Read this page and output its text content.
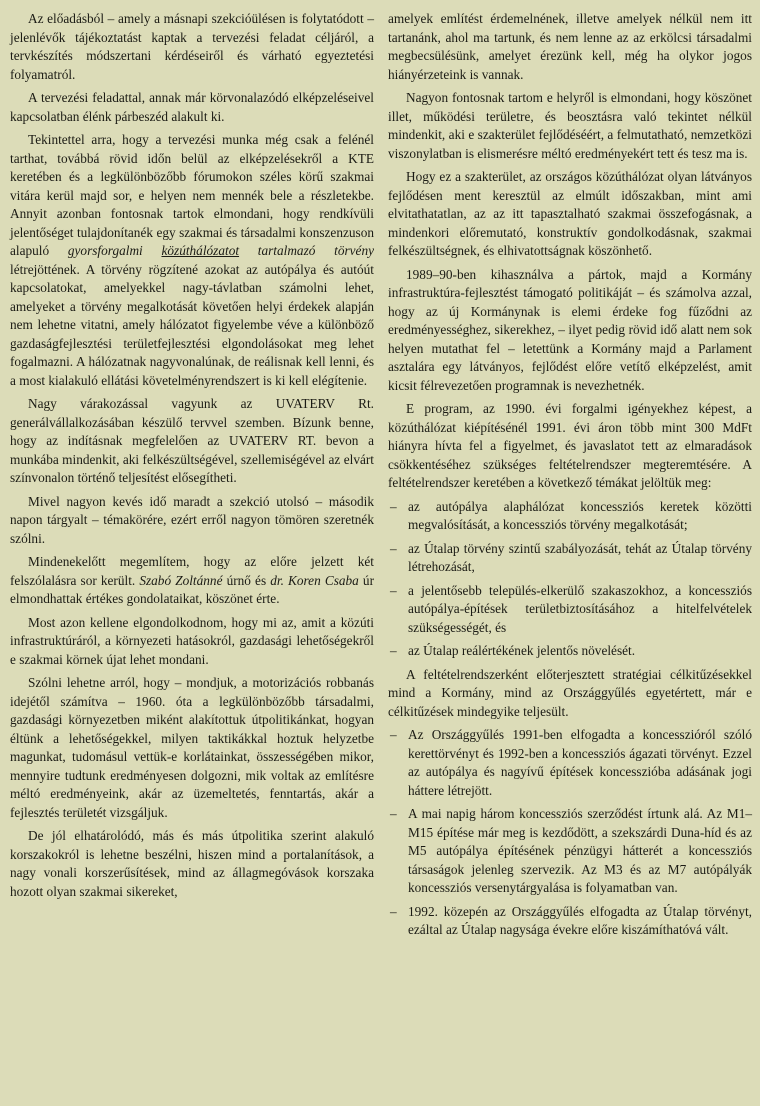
Az előadásból – amely a másnapi szekcióülésen is folytatódott – jelenlévők tájékoztatást kaptak a tervezési feladat céljáról, a tervkészítés módszertani kérdéseiről és várható egyeztetési folyamatról.

A tervezési feladattal, annak már körvonalazódó elképzeléseivel kapcsolatban élénk párbeszéd alakult ki.

Tekintettel arra, hogy a tervezési munka még csak a felénél tarthat, továbbá rövid időn belül az elképzelésekről a KTE keretében és a legkülönbözőbb fórumokon széles körű szakmai vitára kerül majd sor, e helyen nem mennék bele a részletekbe. Annyit azonban fontosnak tartok elmondani, hogy rendkívüli jelentőséget tulajdonítanék egy szakmai és társadalmi konszenzuson alapuló gyorsforgalmi közúthálózatot tartalmazó törvény létrejöttének. A törvény rögzítené azokat az autópálya és autóút kapcsolatokat, amelyekkel nagy-távlatban számolni lehet, amelyeket a törvény megalkotását követően helyi érdekek alapján nem lehetne vitatni, amely hálózatot figyelembe véve a különböző gazdaságfejlesztési területfejlesztési elgondolásokat meg lehet fogalmazni. A hálózatnak nagyvonalúnak, de reálisnak kell lenni, és a most kialakuló ellátási követelményrendszert is ki kell elégítenie.

Nagy várakozással vagyunk az UVATERV Rt. generálvállalkozásában készülő tervvel szemben. Bízunk benne, hogy az indításnak megfelelően az UVATERV RT. bevon a munkába mindenkit, aki felkészültségével, szellemiségével az elvárt színvonalon történő teljesítést elősegítheti.

Mivel nagyon kevés idő maradt a szekció utolsó – második napon tárgyalt – témakörére, ezért erről nagyon tömören szeretnék szólni.

Mindenekelőtt megemlítem, hogy az előre jelzett két felszólalásra sor került. Szabó Zoltánné úrnő és dr. Koren Csaba úr elmondhattak értékes gondolataikat, köszönet érte.

Most azon kellene elgondolkodnom, hogy mi az, amit a közúti infrastruktúráról, a környezeti hatásokról, gazdasági lehetőségekről e szakmai körnek újat lehet mondani.

Szólni lehetne arról, hogy – mondjuk, a motorizációs robbanás idejétől számítva – 1960. óta a legkülönbözőbb társadalmi, gazdasági környezetben miként alakítottuk útpolitikánkat, hogyan éltünk a lehetőségekkel, milyen taktikákkal hoztuk helyzetbe magunkat, tudomásul vettük-e korlátainkat, összességében mikor, mennyire tudtunk eredményesen dolgozni, mik voltak az említésre méltó eredményeink, akár az üzemeltetés, fenntartás, akár a fejlesztés területét vizsgáljuk.

De jól elhatárolódó, más és más útpolitika szerint alakuló korszakokról is lehetne beszélni, hiszen mind a portalanítások, a nagy vonali korszerűsítések, mind az állagmegóvások korszaka hozott olyan szakmai sikereket,

amelyek említést érdemelnének, illetve amelyek nélkül nem itt tartanánk, ahol ma tartunk, és nem lenne az az erkölcsi társadalmi megbecsülésünk, amelyet érezünk kell, még ha olykor jogos hiányérzeteink is vannak.

Nagyon fontosnak tartom e helyről is elmondani, hogy köszönet illet, működési területre, és beosztásra való tekintet nélkül mindenkit, aki e szakterület fejlődéséért, a felmutatható, nemzetközi viszonylatban is elismerésre méltó eredményekért tett és tesz ma is.

Hogy ez a szakterület, az országos közúthálózat olyan látványos fejlődésen ment keresztül az elmúlt időszakban, mint ami elvitathatatlan, az az itt tapasztalható szakmai összefogásnak, a mindenkori előremutató, konstruktív gondolkodásnak, szakmai felkészültségnek, és elhivatottságnak köszönhető.

1989–90-ben kihasználva a pártok, majd a Kormány infrastruktúra-fejlesztést támogató politikáját – és számolva azzal, hogy az új Kormánynak is elemi érdeke fog fűződni az eredményességhez, sikerekhez, – ilyet pedig rövid idő alatt nem sok helyen mutathat fel – letettünk a Kormány majd a Parlament asztalára egy látványos, fejlődést előre vetítő elképzelést, amit kicsit félrevezetően programnak is nevezhetnék.

E program, az 1990. évi forgalmi igényekhez képest, a közúthálózat kiépítésénél 1991. évi áron több mint 300 MdFt hiányra hívta fel a figyelmet, és javaslatot tett az elmaradások csökkentéséhez szükséges feltételrendszer megteremtésére. A feltételrendszer keretében a következő témákat jelöltük meg:

– az autópálya alaphálózat koncessziós keretek közötti megvalósítását, a koncessziós törvény megalkotását;

– az Útalap törvény szintű szabályozását, tehát az Útalap törvény létrehozását,

– a jelentősebb település-elkerülő szakaszokhoz, a koncessziós autópálya-építések területbiztosításához a hitelfelvételek szükségességét, és

– az Útalap reálértékének jelentős növelését.

A feltételrendszerként előterjesztett stratégiai célkitűzésekkel mind a Kormány, mind az Országgyűlés egyetértett, már e célkitűzések mindegyike teljesült.

– Az Országgyűlés 1991-ben elfogadta a koncesszióról szóló kerettörvényt és 1992-ben a koncessziós ágazati törvényt. Ezzel az autópálya és nagyívű építések koncesszióba adásának jogi háttere létrejött.

– A mai napig három koncessziós szerződést írtunk alá. Az M1–M15 építése már meg is kezdődött, a szekszárdi Duna-híd és az M5 autópálya építésének pénzügyi hátterét a koncessziós társaságok jelenleg szervezik. Az M3 és az M7 autópályák koncessziós versenytárgyalása is folyamatban van.

– 1992. közepén az Országgyűlés elfogadta az Útalap törvényt, ezáltal az Útalap nagysága évekre előre kiszámíthatóvá vált.
